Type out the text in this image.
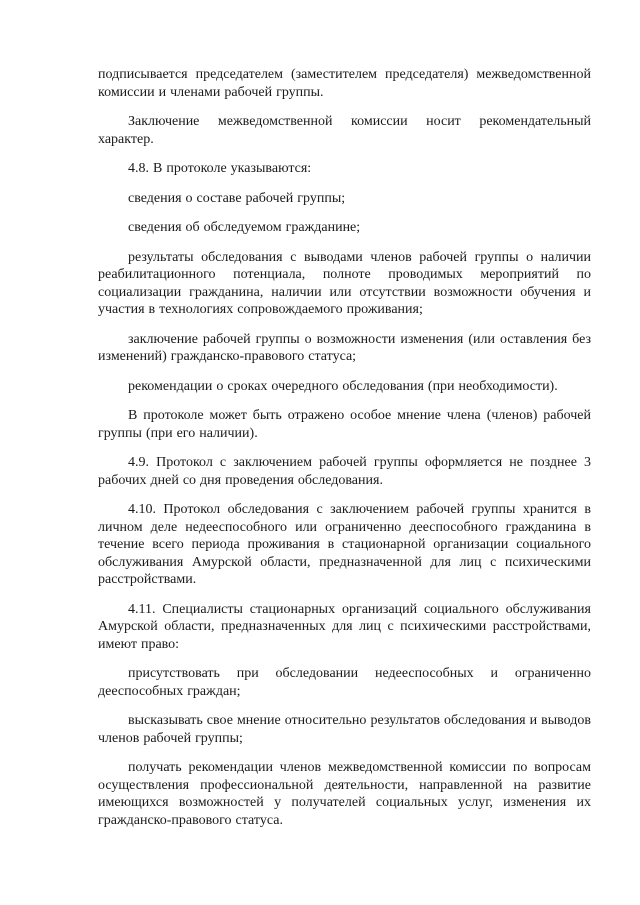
подписывается председателем (заместителем председателя) межведомственной комиссии и членами рабочей группы.

Заключение межведомственной комиссии носит рекомендательный характер.

4.8. В протоколе указываются:

сведения о составе рабочей группы;

сведения об обследуемом гражданине;

результаты обследования с выводами членов рабочей группы о наличии реабилитационного потенциала, полноте проводимых мероприятий по социализации гражданина, наличии или отсутствии возможности обучения и участия в технологиях сопровождаемого проживания;

заключение рабочей группы о возможности изменения (или оставления без изменений) гражданско-правового статуса;

рекомендации о сроках очередного обследования (при необходимости).

В протоколе может быть отражено особое мнение члена (членов) рабочей группы (при его наличии).

4.9. Протокол с заключением рабочей группы оформляется не позднее 3 рабочих дней со дня проведения обследования.

4.10. Протокол обследования с заключением рабочей группы хранится в личном деле недееспособного или ограниченно дееспособного гражданина в течение всего периода проживания в стационарной организации социального обслуживания Амурской области, предназначенной для лиц с психическими расстройствами.

4.11. Специалисты стационарных организаций социального обслуживания Амурской области, предназначенных для лиц с психическими расстройствами, имеют право:

присутствовать при обследовании недееспособных и ограниченно дееспособных граждан;

высказывать свое мнение относительно результатов обследования и выводов членов рабочей группы;

получать рекомендации членов межведомственной комиссии по вопросам осуществления профессиональной деятельности, направленной на развитие имеющихся возможностей у получателей социальных услуг, изменения их гражданско-правового статуса.
